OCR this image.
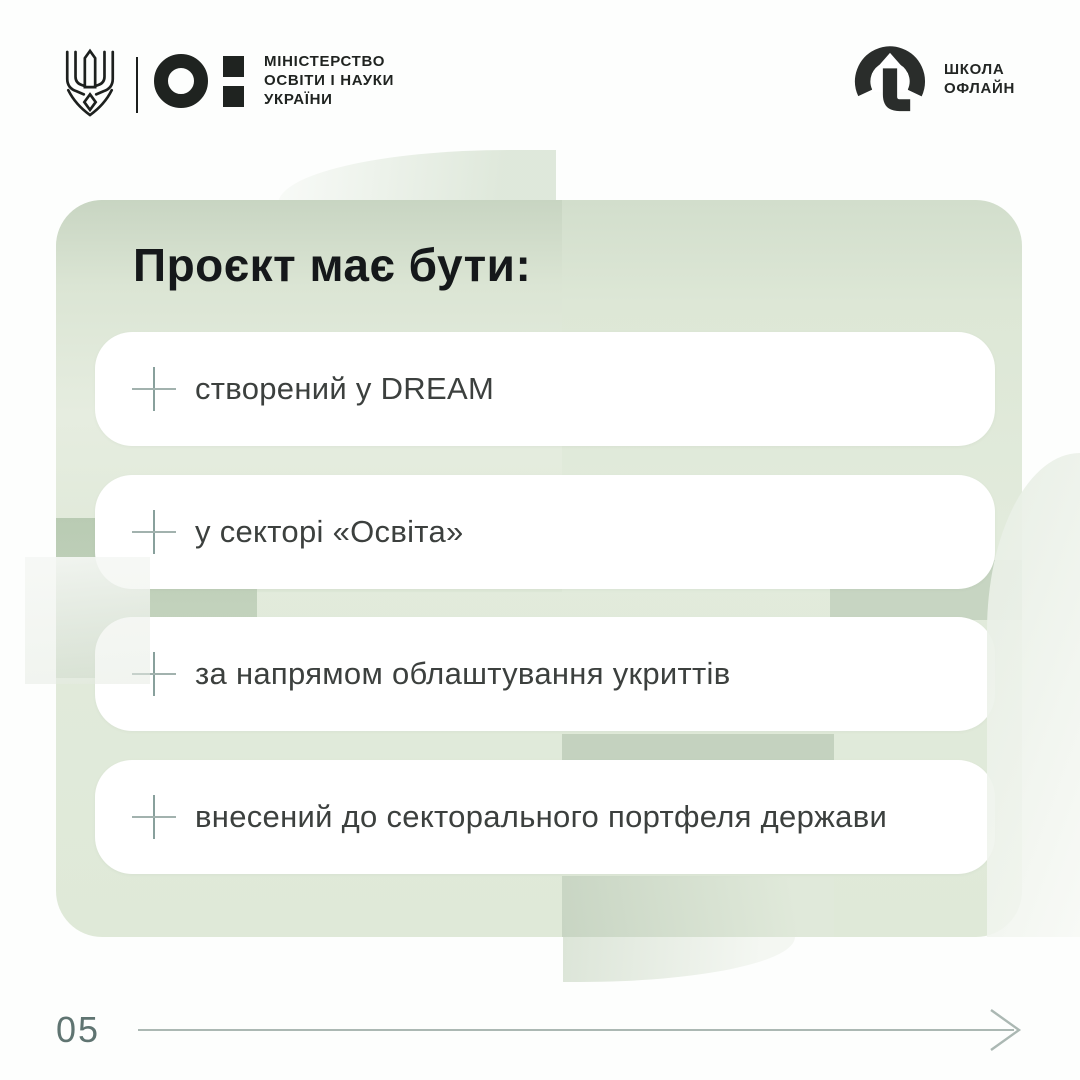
Проєкт має бути:
створений у DREAM
у секторі «Освіта»
за напрямом облаштування укриттів
внесений до секторального портфеля держави
МІНІСТЕРСТВО
ОСВІТИ І НАУКИ
УКРАЇНИ
ШКОЛА
ОФЛАЙН
05
